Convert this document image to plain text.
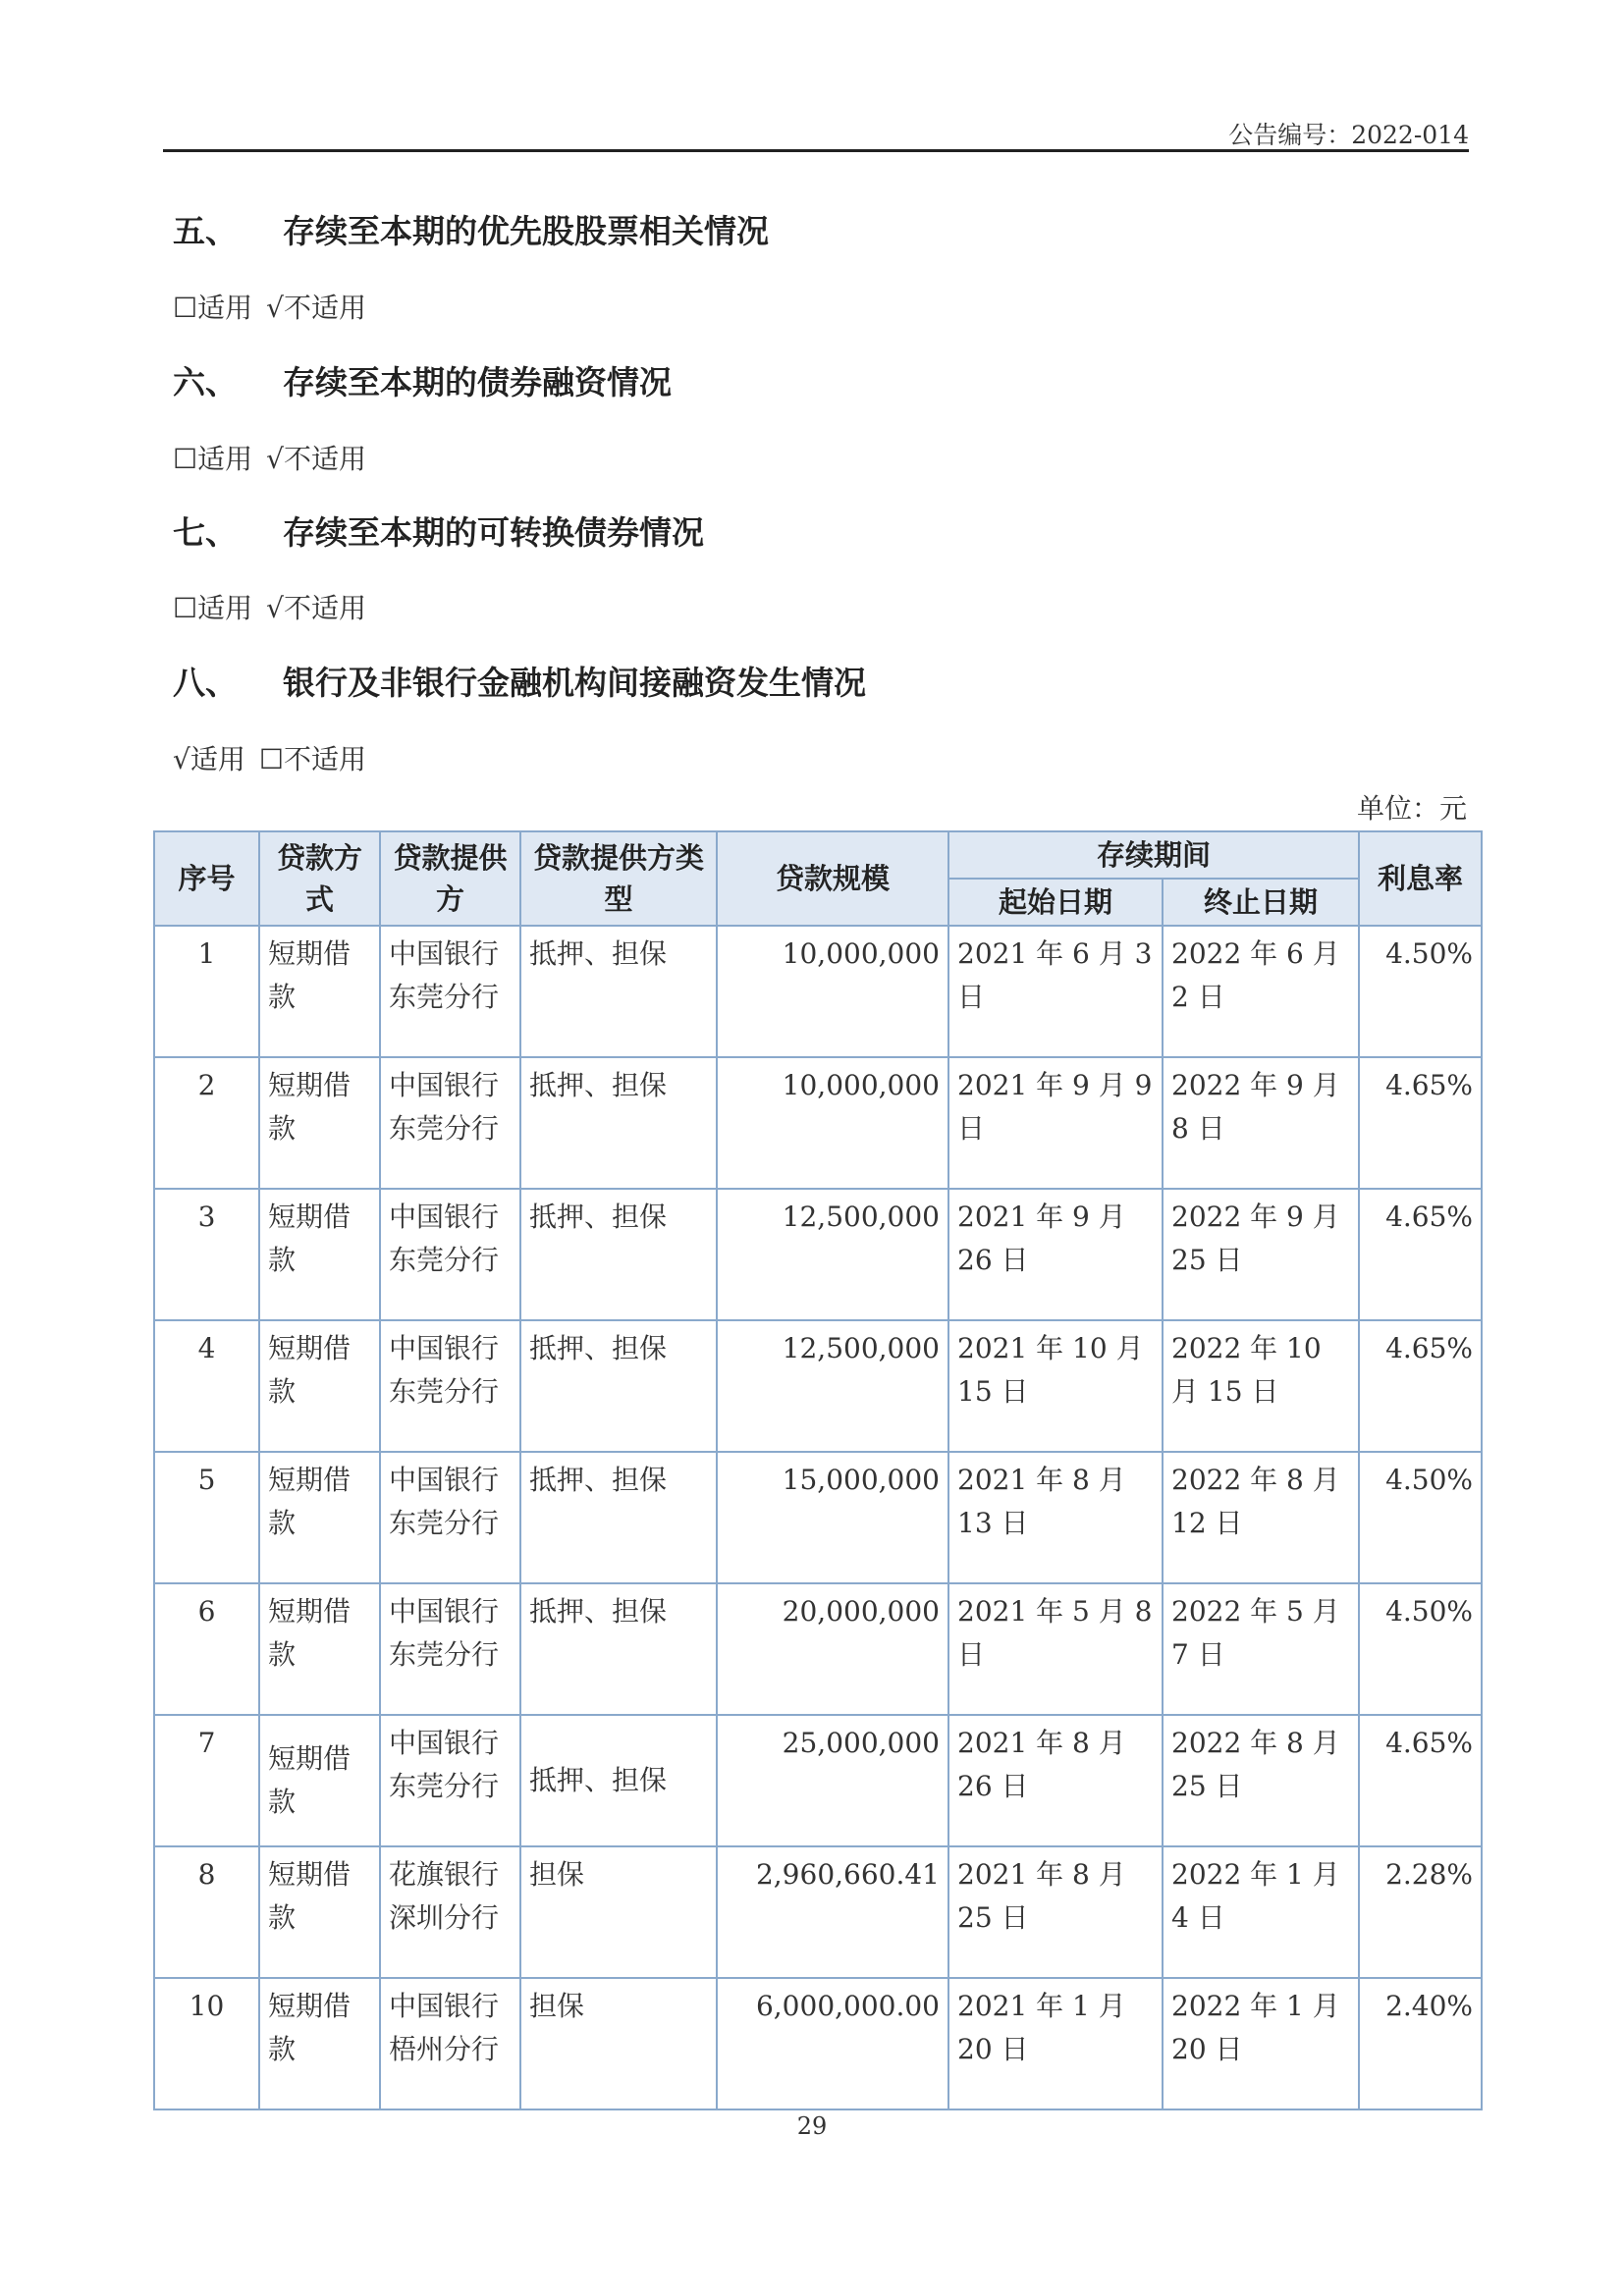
公告编号：2022-014
五、 存续至本期的优先股股票相关情况
☐适用 √不适用
六、 存续至本期的债券融资情况
☐适用 √不适用
七、 存续至本期的可转换债券情况
☐适用 √不适用
八、 银行及非银行金融机构间接融资发生情况
√适用 ☐不适用
单位：元
序号	贷款方式	贷款提供方	贷款提供方类型	贷款规模	存续期间		利息率
					起始日期	终止日期	
1	短期借款	中国银行东莞分行	抵押、担保	10,000,000	2021 年 6 月 3 日	2022 年 6 月 2 日	4.50%
2	短期借款	中国银行东莞分行	抵押、担保	10,000,000	2021 年 9 月 9 日	2022 年 9 月 8 日	4.65%
3	短期借款	中国银行东莞分行	抵押、担保	12,500,000	2021 年 9 月 26 日	2022 年 9 月 25 日	4.65%
4	短期借款	中国银行东莞分行	抵押、担保	12,500,000	2021 年 10 月 15 日	2022 年 10 月 15 日	4.65%
5	短期借款	中国银行东莞分行	抵押、担保	15,000,000	2021 年 8 月 13 日	2022 年 8 月 12 日	4.50%
6	短期借款	中国银行东莞分行	抵押、担保	20,000,000	2021 年 5 月 8 日	2022 年 5 月 7 日	4.50%
7	短期借款	中国银行东莞分行	抵押、担保	25,000,000	2021 年 8 月 26 日	2022 年 8 月 25 日	4.65%
8	短期借款	花旗银行深圳分行	担保	2,960,660.41	2021 年 8 月 25 日	2022 年 1 月 4 日	2.28%
10	短期借款	中国银行梧州分行	担保	6,000,000.00	2021 年 1 月 20 日	2022 年 1 月 20 日	2.40%
29
